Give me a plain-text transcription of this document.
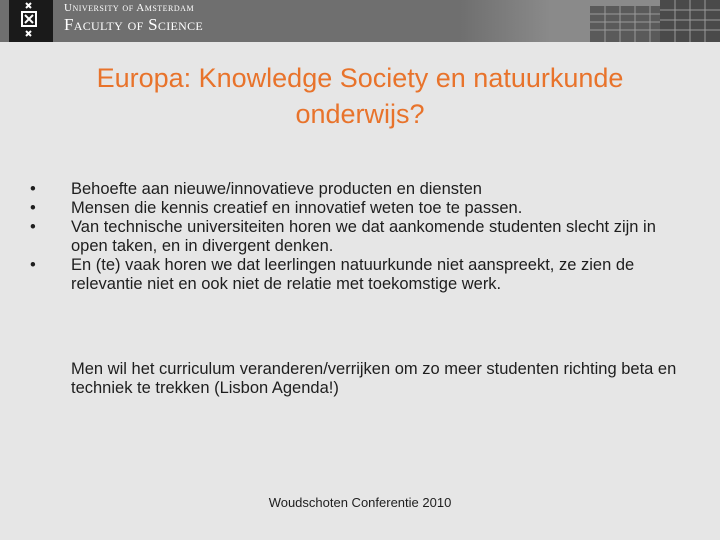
University of Amsterdam
Faculty of Science
Europa: Knowledge Society en natuurkunde onderwijs?
•	Behoefte aan nieuwe/innovatieve producten en diensten
•	Mensen die kennis creatief en innovatief weten toe te passen.
•	Van technische universiteiten horen we dat aankomende studenten slecht zijn in open taken, en in divergent denken.
•	En (te) vaak horen we dat leerlingen natuurkunde niet aanspreekt, ze zien de relevantie niet en ook niet de relatie met toekomstige werk.
Men wil het curriculum veranderen/verrijken om zo meer studenten richting beta en techniek te trekken (Lisbon Agenda!)
Woudschoten Conferentie 2010
